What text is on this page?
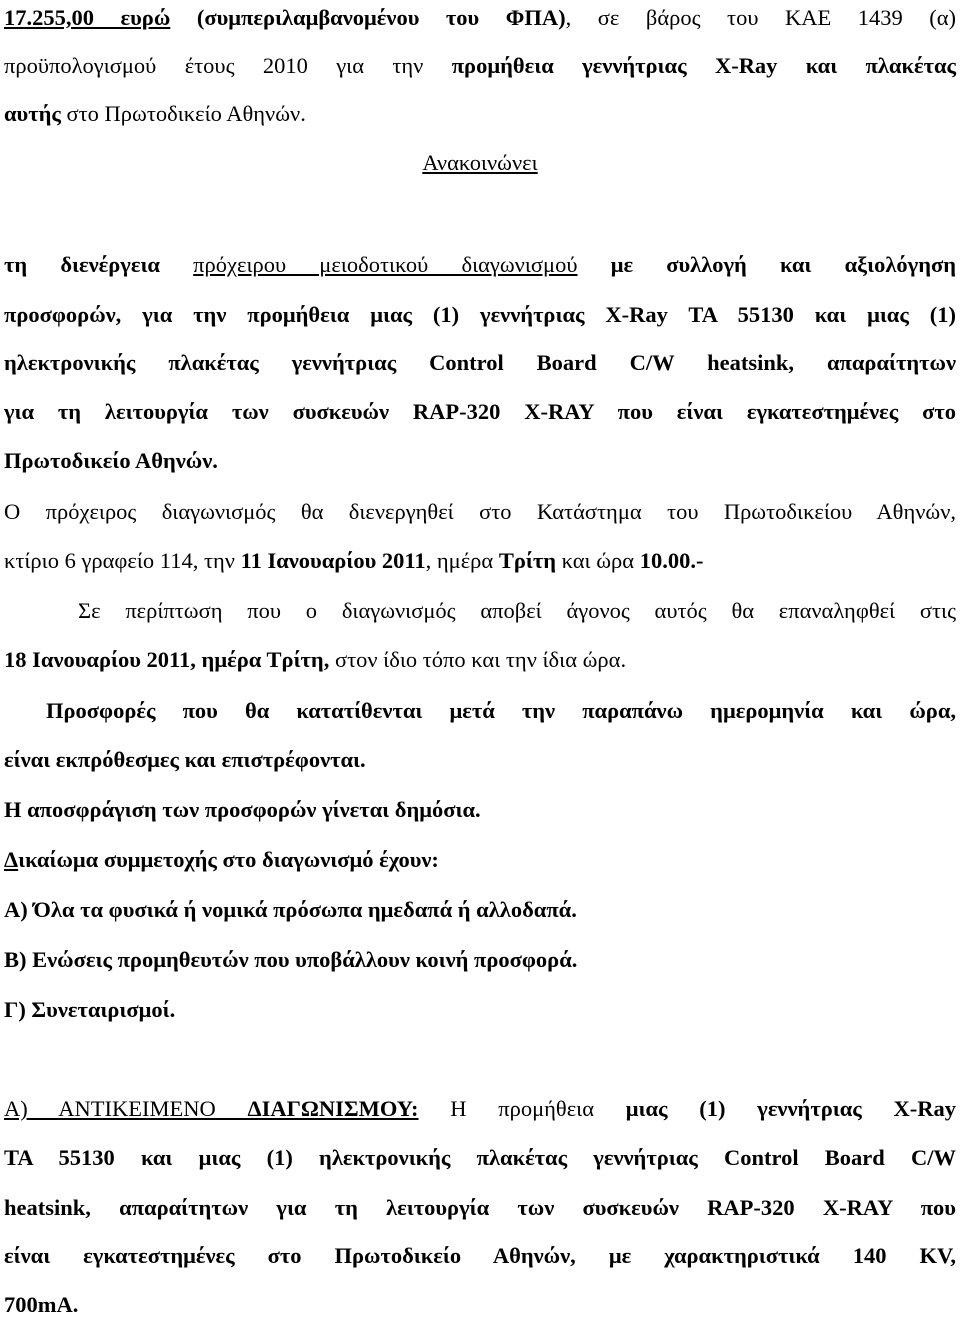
17.255,00 ευρώ (συμπεριλαμβανομένου του ΦΠΑ), σε βάρος του ΚΑΕ 1439 (α)
προϋπολογισμού έτους 2010 για την προμήθεια γεννήτριας X-Ray και πλακέτας
αυτής στο Πρωτοδικείο Αθηνών.
Ανακοινώνει
τη διενέργεια πρόχειρου μειοδοτικού διαγωνισμού με συλλογή και αξιολόγηση
προσφορών, για την προμήθεια μιας (1) γεννήτριας X-Ray TA 55130 και μιας (1)
ηλεκτρονικής πλακέτας γεννήτριας Control Board C/W heatsink, απαραίτητων
για τη λειτουργία των συσκευών RAP-320 X-RAY που είναι εγκατεστημένες στο
Πρωτοδικείο Αθηνών.
Ο πρόχειρος διαγωνισμός θα διενεργηθεί στο Κατάστημα του Πρωτοδικείου Αθηνών,
κτίριο 6 γραφείο 114, την 11 Ιανουαρίου 2011, ημέρα Τρίτη και ώρα 10.00.-
Σε περίπτωση που ο διαγωνισμός αποβεί άγονος αυτός θα επαναληφθεί στις
18 Ιανουαρίου 2011, ημέρα Τρίτη, στον ίδιο τόπο και την ίδια ώρα.
Προσφορές που θα κατατίθενται μετά την παραπάνω ημερομηνία και ώρα,
είναι εκπρόθεσμες και επιστρέφονται.
Η αποσφράγιση των προσφορών γίνεται δημόσια.
Δικαίωμα συμμετοχής στο διαγωνισμό έχουν:
Α) Όλα τα φυσικά ή νομικά πρόσωπα ημεδαπά ή αλλοδαπά.
Β) Ενώσεις προμηθευτών που υποβάλλουν κοινή προσφορά.
Γ) Συνεταιρισμοί.
Α) ΑΝΤΙΚΕΙΜΕΝΟ ΔΙΑΓΩΝΙΣΜΟΥ: Η προμήθεια μιας (1) γεννήτριας X-Ray
TA 55130 και μιας (1) ηλεκτρονικής πλακέτας γεννήτριας Control Board C/W
heatsink, απαραίτητων για τη λειτουργία των συσκευών RAP-320 X-RAY που
είναι εγκατεστημένες στο Πρωτοδικείο Αθηνών, με χαρακτηριστικά 140 KV,
700mA.
